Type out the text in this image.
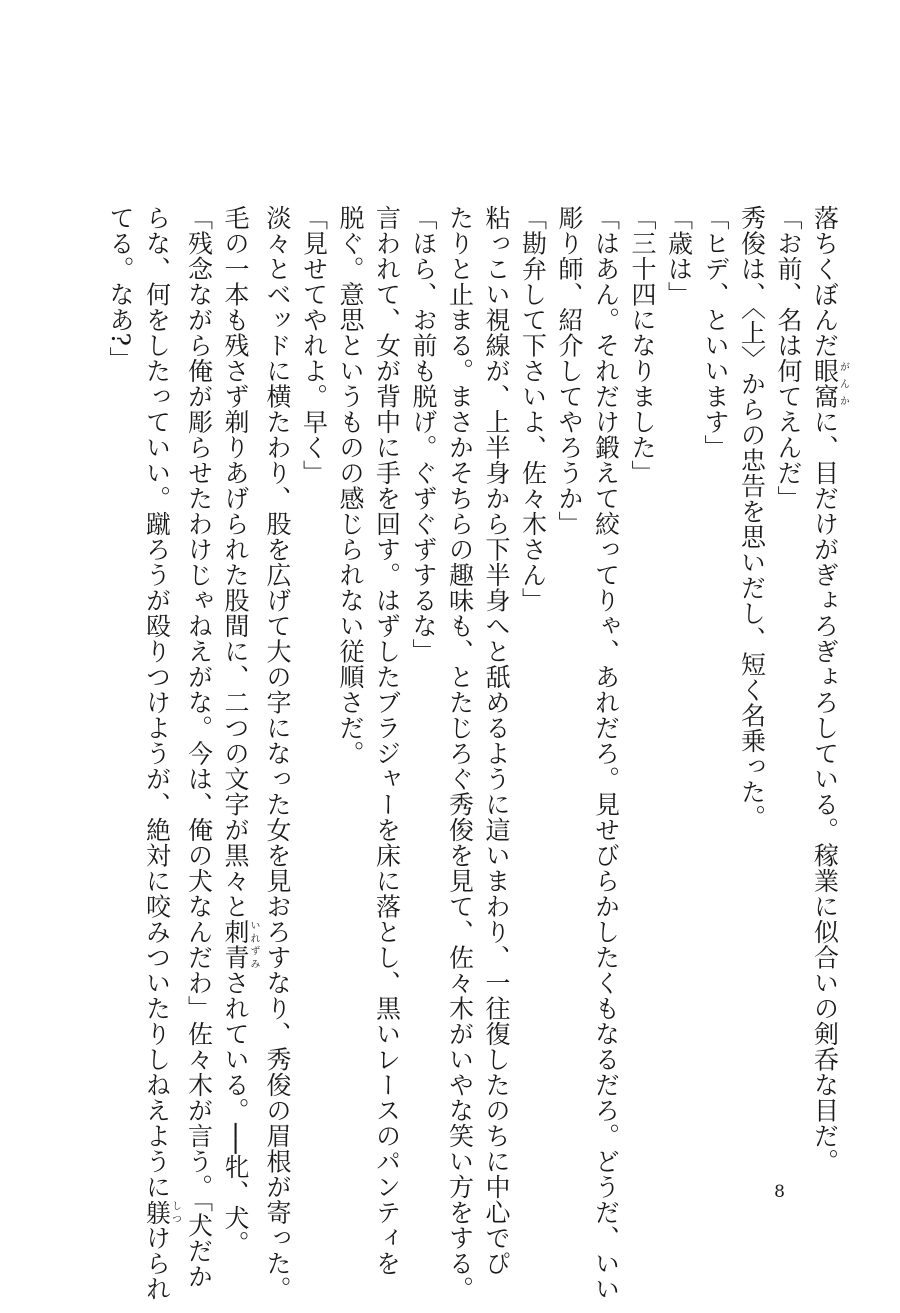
落ちくぼんだ眼窩がんかに、目だけがぎょろぎょろしている。稼業に似合いの剣呑な目だ。
「お前、名は何てえんだ」
秀俊は、〈上〉からの忠告を思いだし、短く名乗った。
「ヒデ、といいます」
「歳は」
「三十四になりました」
「はあん。それだけ鍛えて絞ってりゃ、あれだろ。見せびらかしたくもなるだろ。どうだ、いい
彫り師、紹介してやろうか」
「勘弁して下さいよ、佐々木さん」
粘っこい視線が、上半身から下半身へと舐めるように這いまわり、一往復したのちに中心でぴ
たりと止まる。まさかそちらの趣味も、とたじろぐ秀俊を見て、佐々木がいやな笑い方をする。
「ほら、お前も脱げ。ぐずぐずするな」
言われて、女が背中に手を回す。はずしたブラジャーを床に落とし、黒いレースのパンティを
脱ぐ。意思というものの感じられない従順さだ。
「見せてやれよ。早く」
淡々とベッドに横たわり、股を広げて大の字になった女を見おろすなり、秀俊の眉根が寄った。
毛の一本も残さず剃りあげられた股間に、二つの文字が黒々と刺青いれずみされている。──牝、犬。
「残念ながら俺が彫らせたわけじゃねえがな。今は、俺の犬なんだわ」佐々木が言う。「犬だか
らな、何をしたっていい。蹴ろうが殴りつけようが、絶対に咬みついたりしねえように躾しつけられ
てる。なあ?」
8
